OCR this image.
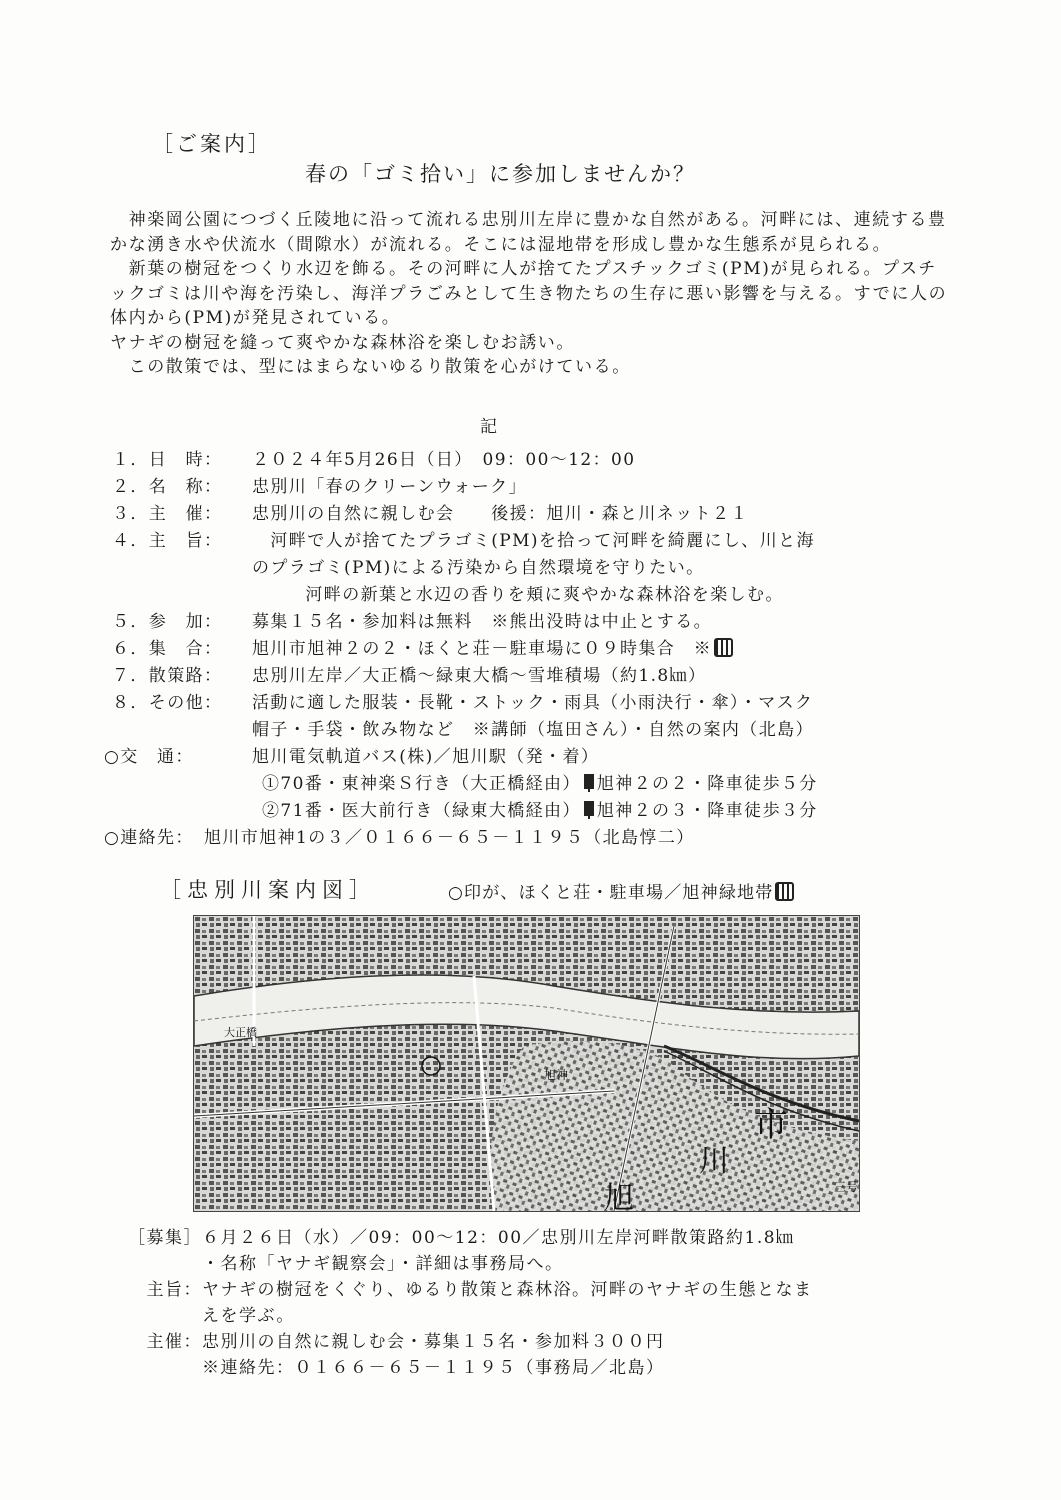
［ご案内］
春の「ゴミ拾い」に参加しませんか？

　神楽岡公園につづく丘陵地に沿って流れる忠別川左岸に豊かな自然がある。河畔には、連続する豊かな湧き水や伏流水（間隙水）が流れる。そこには湿地帯を形成し豊かな生態系が見られる。

　新葉の樹冠をつくり水辺を飾る。その河畔に人が捨てたプスチックゴミ(PM)が見られる。プスチックゴミは川や海を汚染し、海洋プラごみとして生き物たちの生存に悪い影響を与える。すでに人の体内から(PM)が発見されている。

ヤナギの樹冠を縫って爽やかな森林浴を楽しむお誘い。

　この散策では、型にはまらないゆるり散策を心がけている。

記
１．日　時：	２０２４年5月26日（日）　09：00～12：00
２．名　称：	忠別川「春のクリーンウォーク」
３．主　催：	忠別川の自然に親しむ会　　後援：旭川・森と川ネット２１
４．主　旨：	　河畔で人が捨てたプラゴミ(PM)を拾って河畔を綺麗にし、川と海
のプラゴミ(PM)による汚染から自然環境を守りたい。
　河畔の新葉と水辺の香りを頬に爽やかな森林浴を楽しむ。
５．参　加：	募集１５名・参加料は無料　※熊出没時は中止とする。
６．集　合：	旭川市旭神２の２・ほくと荘－駐車場に０９時集合　※
７．散策路：	忠別川左岸／大正橋～緑東大橋～雪堆積場（約1.8㎞）
８．その他：	活動に適した服装・長靴・ストック・雨具（小雨決行・傘）・マスク
帽子・手袋・飲み物など　※講師（塩田さん）・自然の案内（北島）
○交　通：	旭川電気軌道バス(株)／旭川駅（発・着）
①70番・東神楽Ｓ行き（大正橋経由） 旭神２の２・降車徒歩５分
②71番・医大前行き（緑東大橋経由） 旭神２の３・降車徒歩３分
○連絡先： 旭川市旭神1の３／０１６６－６５－１１９５（北島惇二）
［忠別川案内図］	○印が、ほくと荘・駐車場／旭神緑地帯
市
川
旭
旭神
三号
大正橋
［募集］ ６月２６日（水）／09：00～12：00／忠別川左岸河畔散策路約1.8㎞
・名称「ヤナギ観察会」・詳細は事務局へ。
主旨： ヤナギの樹冠をくぐり、ゆるり散策と森林浴。河畔のヤナギの生態となま
えを学ぶ。
主催： 忠別川の自然に親しむ会・募集１５名・参加料３００円
※連絡先：０１６６－６５－１１９５（事務局／北島）
